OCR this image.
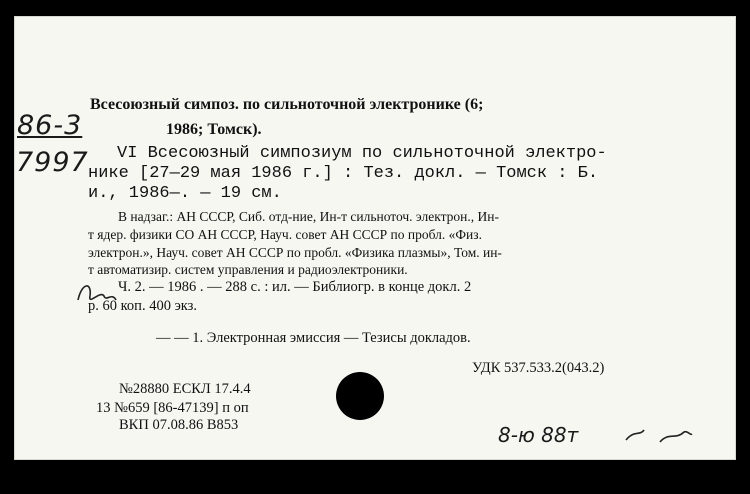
86-3
7997
Всесоюзный симпоз. по сильноточной электронике (6;
1986; Томск).
VI Всесоюзный симпозиум по сильноточной электро-
нике [27—29 мая 1986 г.] : Тез. докл. — Томск : Б.
и., 1986—. — 19 см.
В надзаг.: АН СССР, Сиб. отд-ние, Ин-т сильноточ. электрон., Ин-
т ядер. физики СО АН СССР, Науч. совет АН СССР по пробл. «Физ.
электрон.», Науч. совет АН СССР по пробл. «Физика плазмы», Том. ин-
т автоматизир. систем управления и радиоэлектроники.
Ч. 2. — 1986 . — 288 с. : ил. — Библиогр. в конце докл. 2
р. 60 коп. 400 экз.
— — 1. Электронная эмиссия — Тезисы докладов.
УДК 537.533.2(043.2)
№28880 ЕСКЛ 17.4.4
13 №659 [86-47139] п оп
ВКП 07.08.86 В853	8-ю 88т
